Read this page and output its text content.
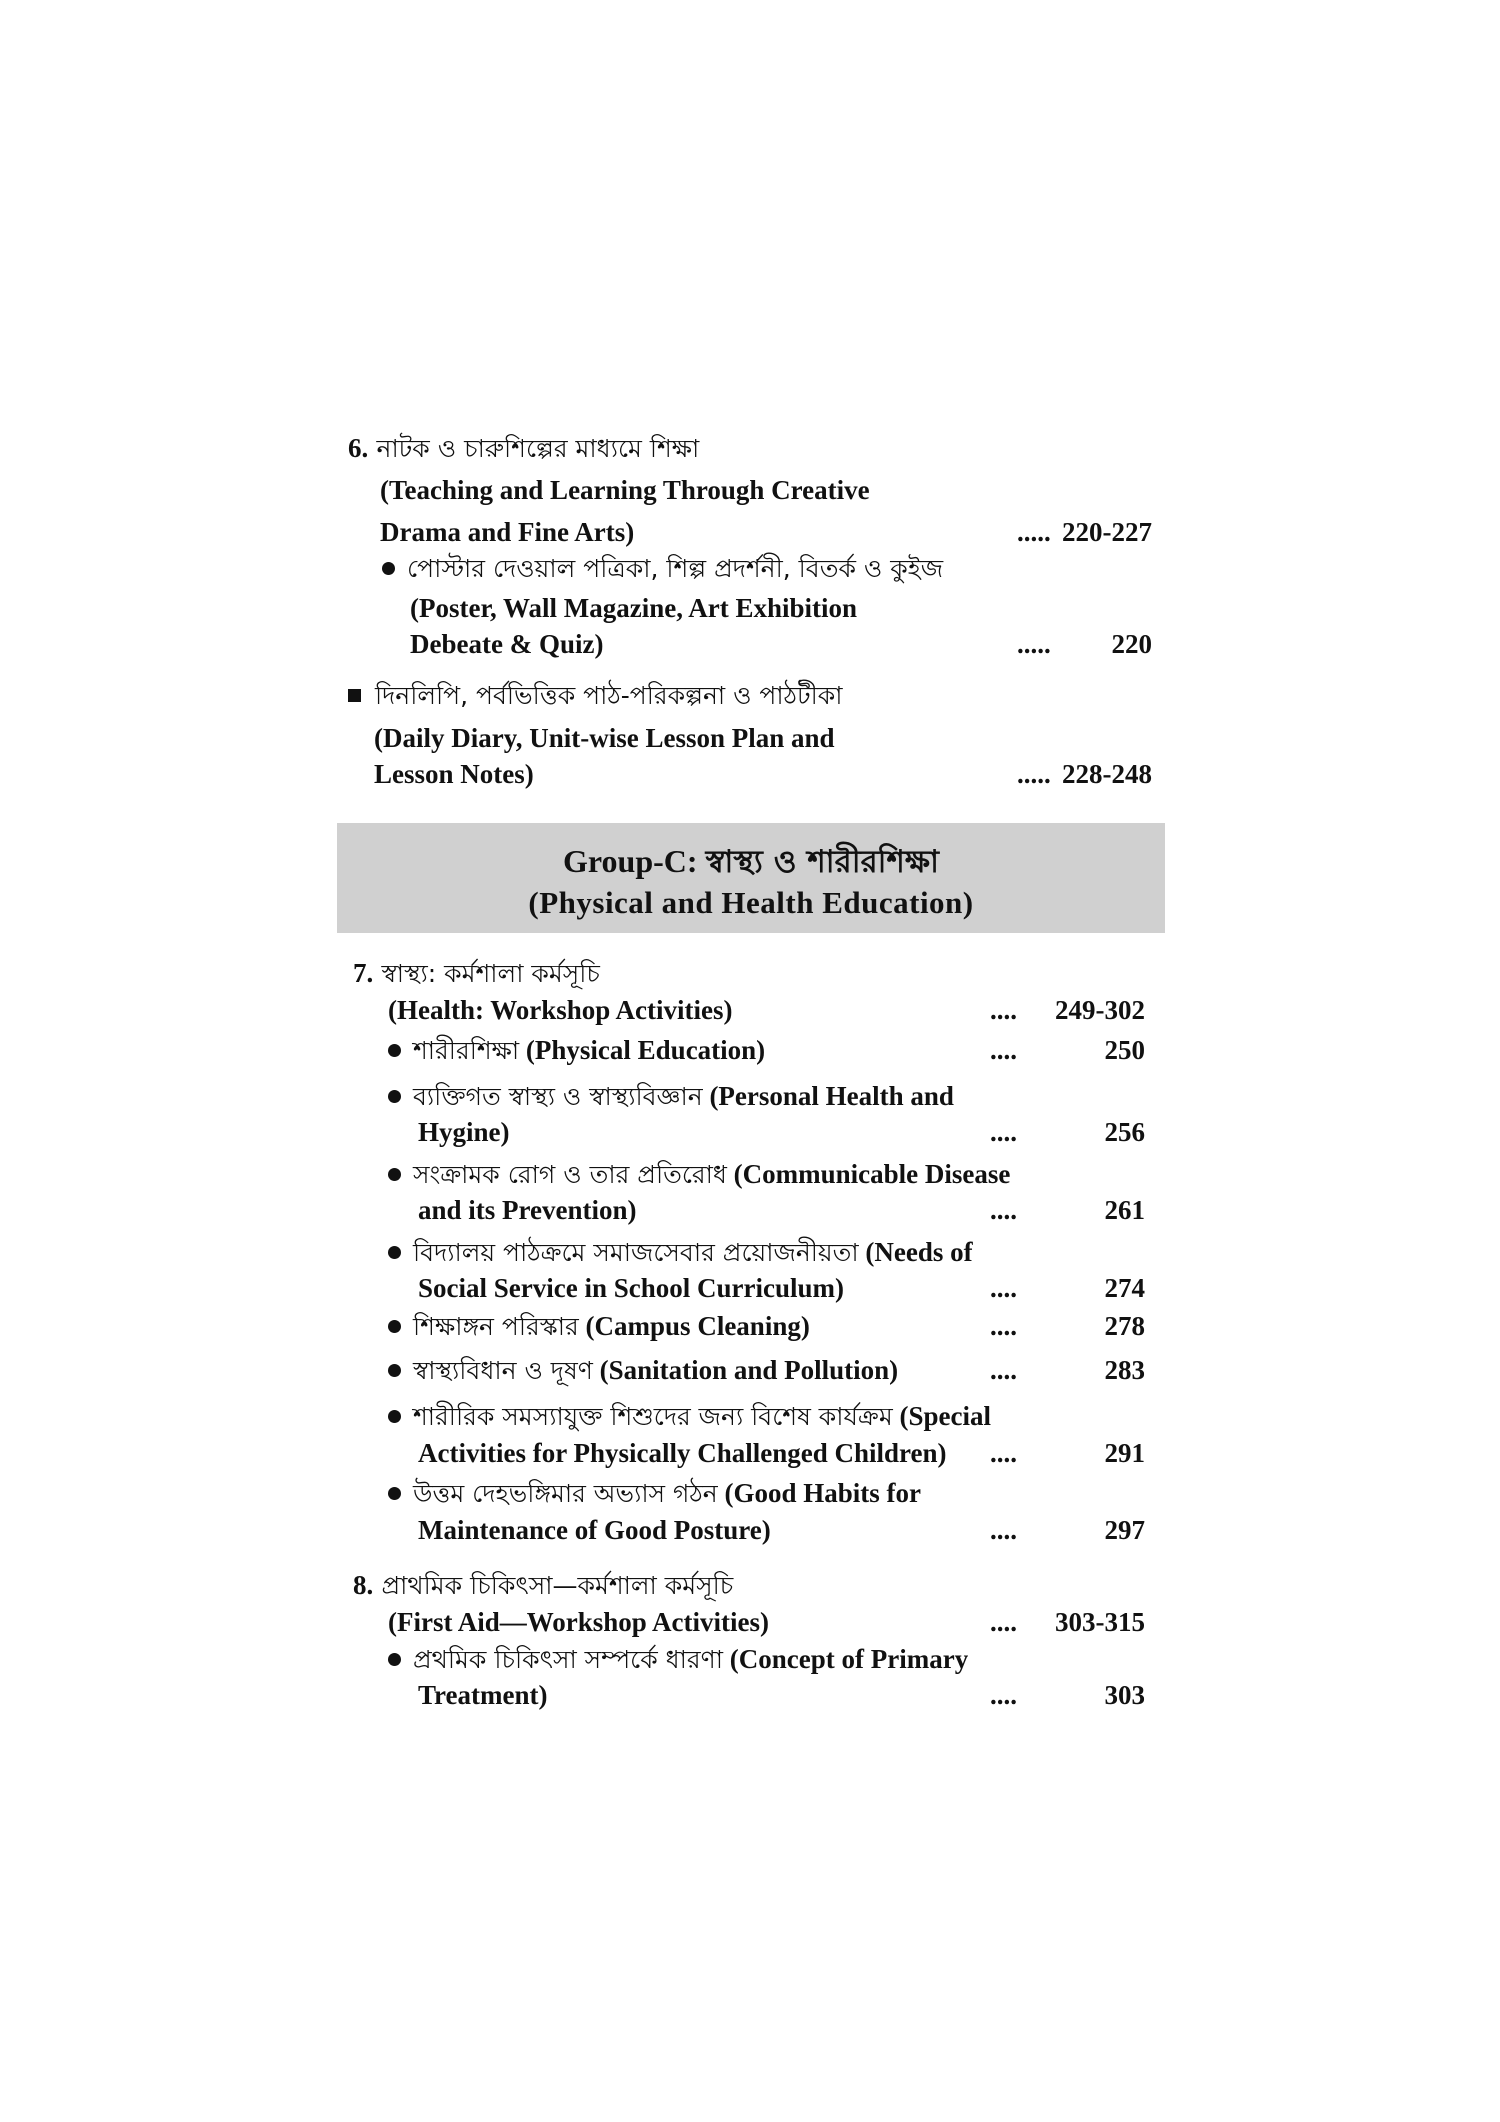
6. নাটক ও চারুশিল্পের মাধ্যমে শিক্ষা
(Teaching and Learning Through Creative
Drama and Fine Arts)	..... 220-227
পোস্টার দেওয়াল পত্রিকা, শিল্প প্রদর্শনী, বিতর্ক ও কুইজ
(Poster, Wall Magazine, Art Exhibition
Debeate & Quiz)	.....	220
দিনলিপি, পর্বভিত্তিক পাঠ-পরিকল্পনা ও পাঠটীকা
(Daily Diary, Unit-wise Lesson Plan and
Lesson Notes)	..... 228-248
Group-C: স্বাস্থ্য ও শারীরশিক্ষা
(Physical and Health Education)
7. স্বাস্থ্য: কর্মশালা কর্মসূচি
(Health: Workshop Activities)	.... 249-302
শারীরশিক্ষা (Physical Education)	....	250
ব্যক্তিগত স্বাস্থ্য ও স্বাস্থ্যবিজ্ঞান (Personal Health and
Hygine)	....	256
সংক্রামক রোগ ও তার প্রতিরোধ (Communicable Disease
and its Prevention)	....	261
বিদ্যালয় পাঠক্রমে সমাজসেবার প্রয়োজনীয়তা (Needs of
Social Service in School Curriculum)	....	274
শিক্ষাঙ্গন পরিস্কার (Campus Cleaning)	....	278
স্বাস্থ্যবিধান ও দূষণ (Sanitation and Pollution)	....	283
শারীরিক সমস্যাযুক্ত শিশুদের জন্য বিশেষ কার্যক্রম (Special
Activities for Physically Challenged Children) ....	291
উত্তম দেহভঙ্গিমার অভ্যাস গঠন (Good Habits for
Maintenance of Good Posture)	....	297
8. প্রাথমিক চিকিৎসা—কর্মশালা কর্মসূচি
(First Aid—Workshop Activities)	.... 303-315
প্রথমিক চিকিৎসা সম্পর্কে ধারণা (Concept of Primary
Treatment)	....	303
